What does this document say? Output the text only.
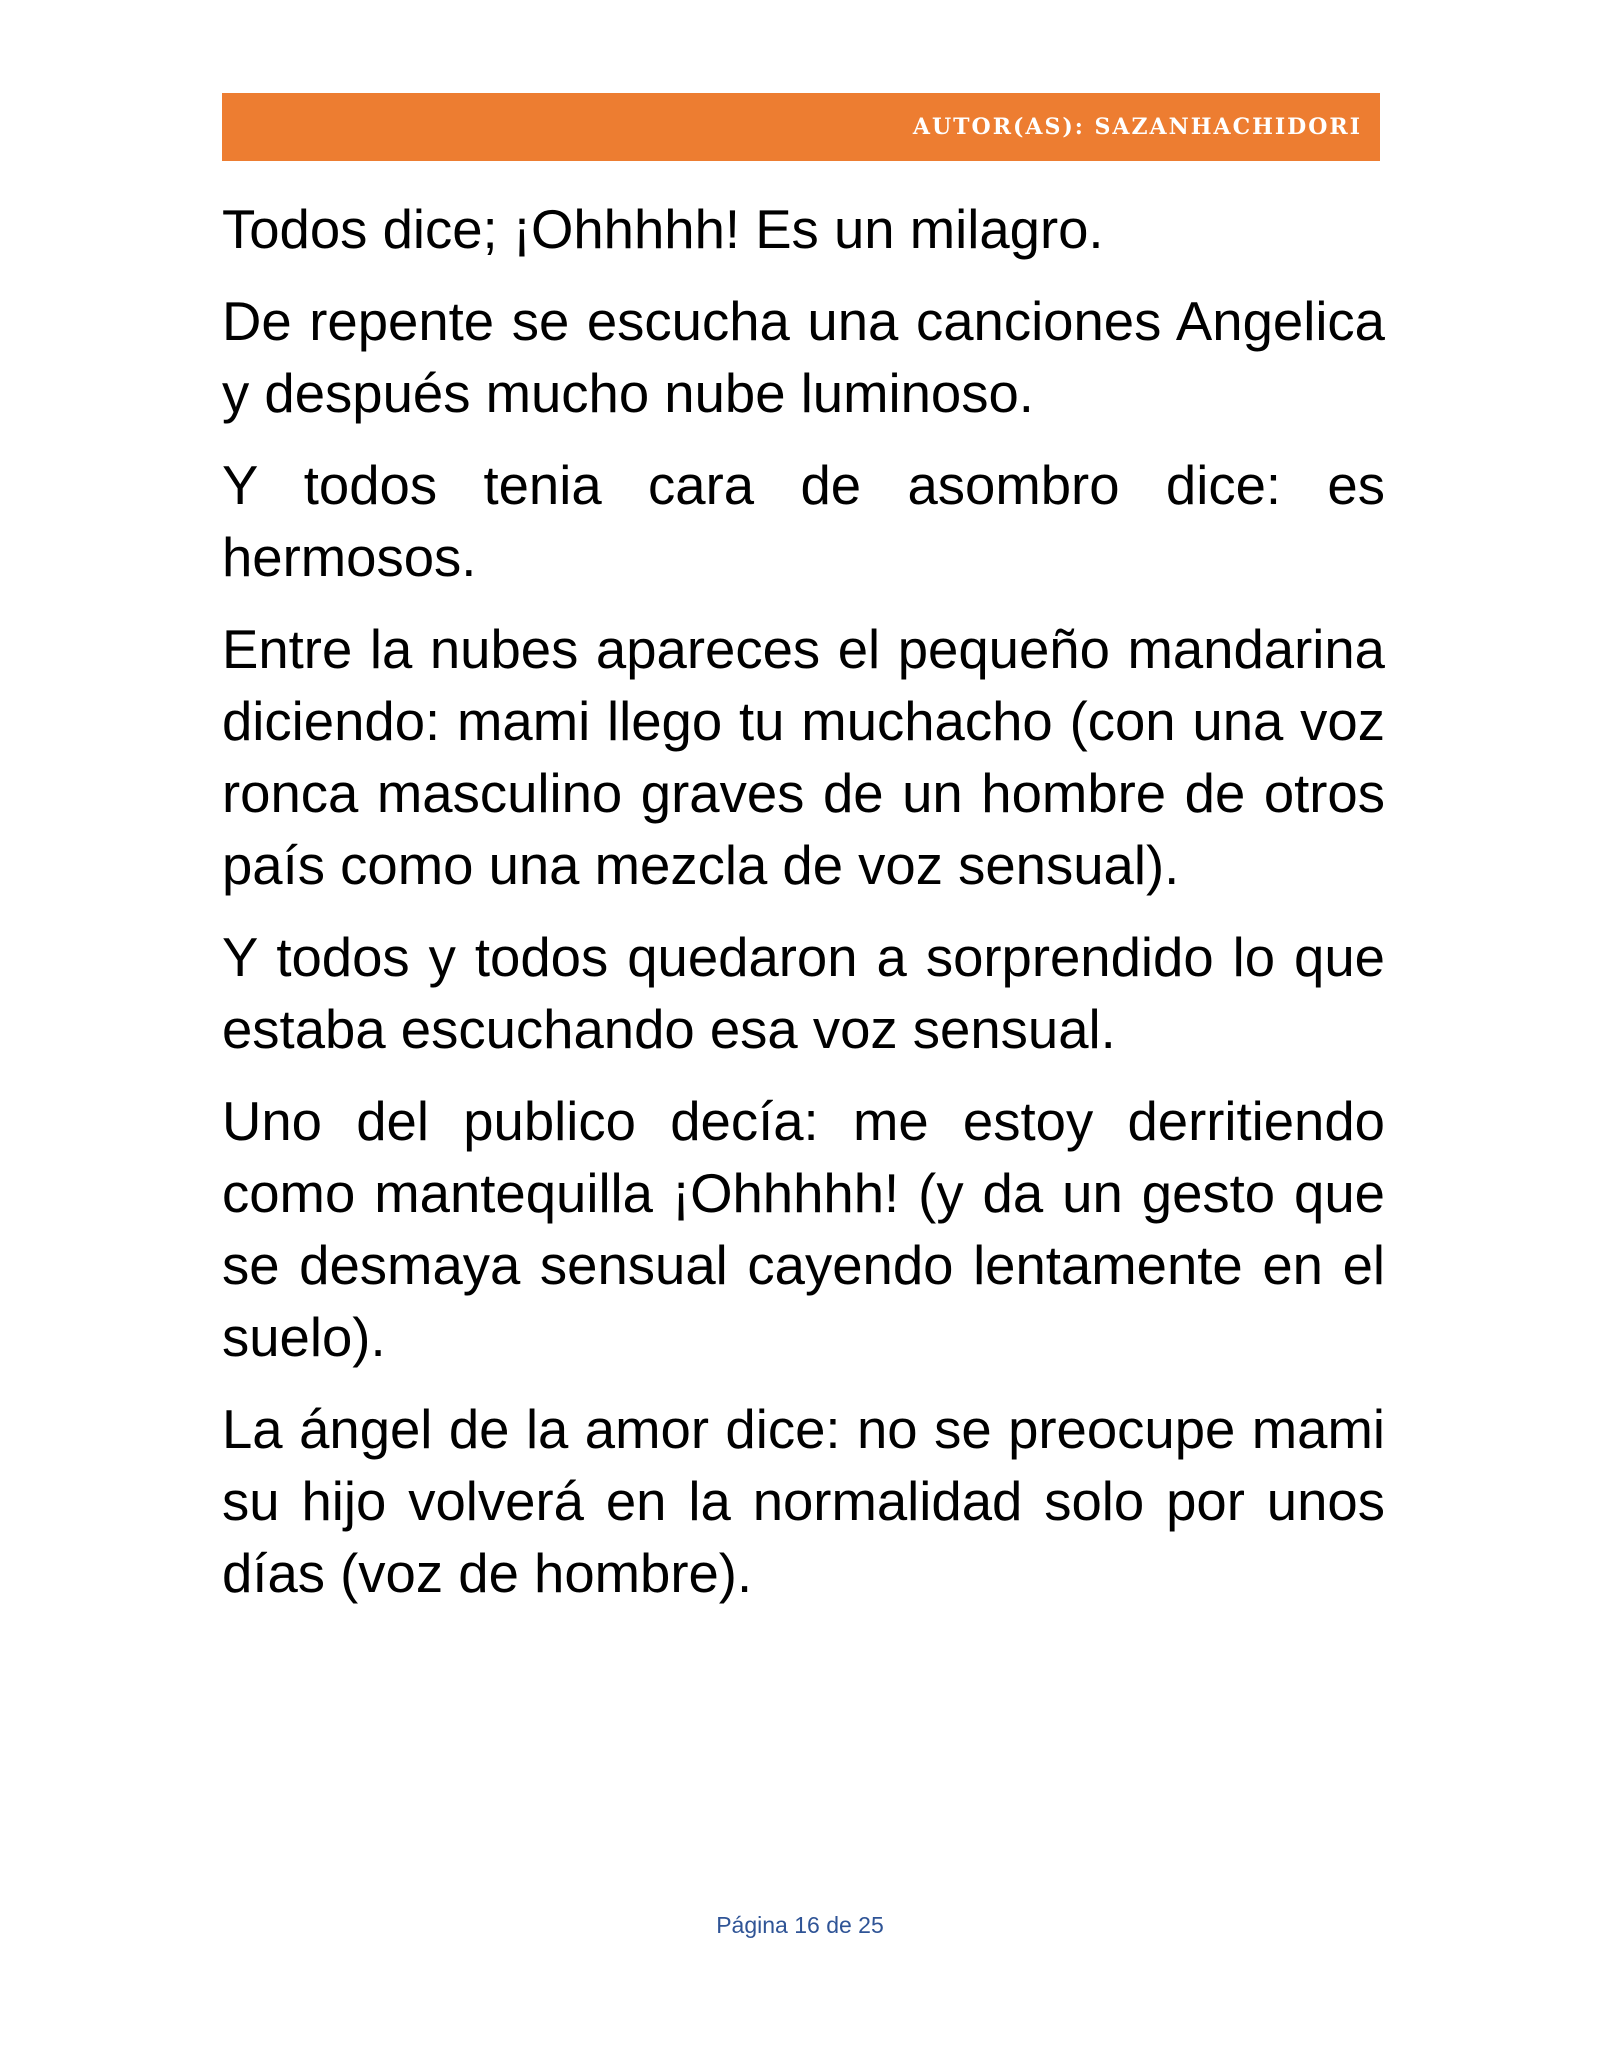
AUTOR(AS): SAZANHACHIDORI

Todos dice; ¡Ohhhhh! Es un milagro.

De repente se escucha una canciones Angelica y después mucho nube luminoso.

Y todos tenia cara de asombro dice: es hermosos.

Entre la nubes apareces el pequeño mandarina diciendo: mami llego tu muchacho (con una voz ronca masculino graves de un hombre de otros país como una mezcla de voz sensual).

Y todos y todos quedaron a sorprendido lo que estaba escuchando esa voz sensual.

Uno del publico decía: me estoy derritiendo como mantequilla ¡Ohhhhh! (y da un gesto que se desmaya sensual cayendo lentamente en el suelo).

La ángel de la amor dice: no se preocupe mami su hijo volverá en la normalidad solo por unos días (voz de hombre).

Página 16 de 25
